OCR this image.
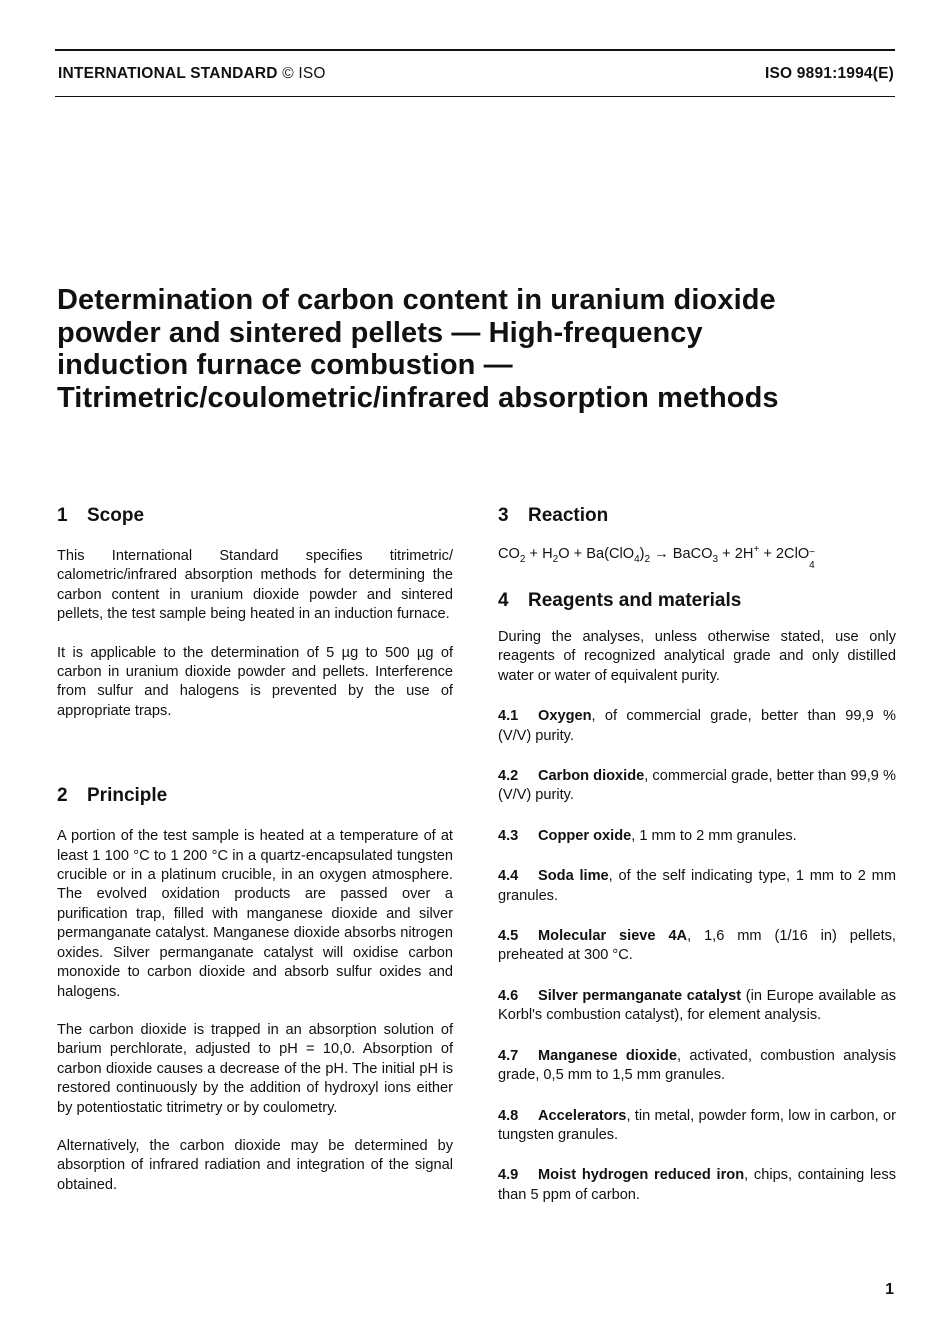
INTERNATIONAL STANDARD © ISO	ISO 9891:1994(E)
Determination of carbon content in uranium dioxide
powder and sintered pellets — High-frequency
induction furnace combustion —
Titrimetric/coulometric/infrared absorption methods
1 Scope

This International Standard specifies titrimetric/ calometric/infrared absorption methods for determining the carbon content in uranium dioxide powder and sintered pellets, the test sample being heated in an induction furnace.

It is applicable to the determination of 5 µg to 500 µg of carbon in uranium dioxide powder and pellets. Interference from sulfur and halogens is prevented by the use of appropriate traps.

2 Principle

A portion of the test sample is heated at a temperature of at least 1 100 °C to 1 200 °C in a quartz-encapsulated tungsten crucible or in a platinum crucible, in an oxygen atmosphere. The evolved oxidation products are passed over a purification trap, filled with manganese dioxide and silver permanganate catalyst. Manganese dioxide absorbs nitrogen oxides. Silver permanganate catalyst will oxidise carbon monoxide to carbon dioxide and absorb sulfur oxides and halogens.

The carbon dioxide is trapped in an absorption solution of barium perchlorate, adjusted to pH = 10,0. Absorption of carbon dioxide causes a decrease of the pH. The initial pH is restored continuously by the addition of hydroxyl ions either by potentiostatic titrimetry or by coulometry.

Alternatively, the carbon dioxide may be determined by absorption of infrared radiation and integration of the signal obtained.

3 Reaction
$CO_2 + H_2O + Ba(ClO_4)_2$ → BaCO$_3$ + 2H+ + 2ClO −
4
4 Reagents and materials

During the analyses, unless otherwise stated, use only reagents of recognized analytical grade and only distilled water or water of equivalent purity.

4.1 Oxygen, of commercial grade, better than 99,9 % (V/V) purity.

4.2 Carbon dioxide, commercial grade, better than 99,9 % (V/V) purity.

4.3 Copper oxide, 1 mm to 2 mm granules.

4.4 Soda lime, of the self indicating type, 1 mm to 2 mm granules.

4.5 Molecular sieve 4A, 1,6 mm (1/16 in) pellets, preheated at 300 °C.

4.6 Silver permanganate catalyst (in Europe available as Korbl's combustion catalyst), for element analysis.

4.7 Manganese dioxide, activated, combustion analysis grade, 0,5 mm to 1,5 mm granules.

4.8 Accelerators, tin metal, powder form, low in carbon, or tungsten granules.

4.9 Moist hydrogen reduced iron, chips, containing less than 5 ppm of carbon.

1
